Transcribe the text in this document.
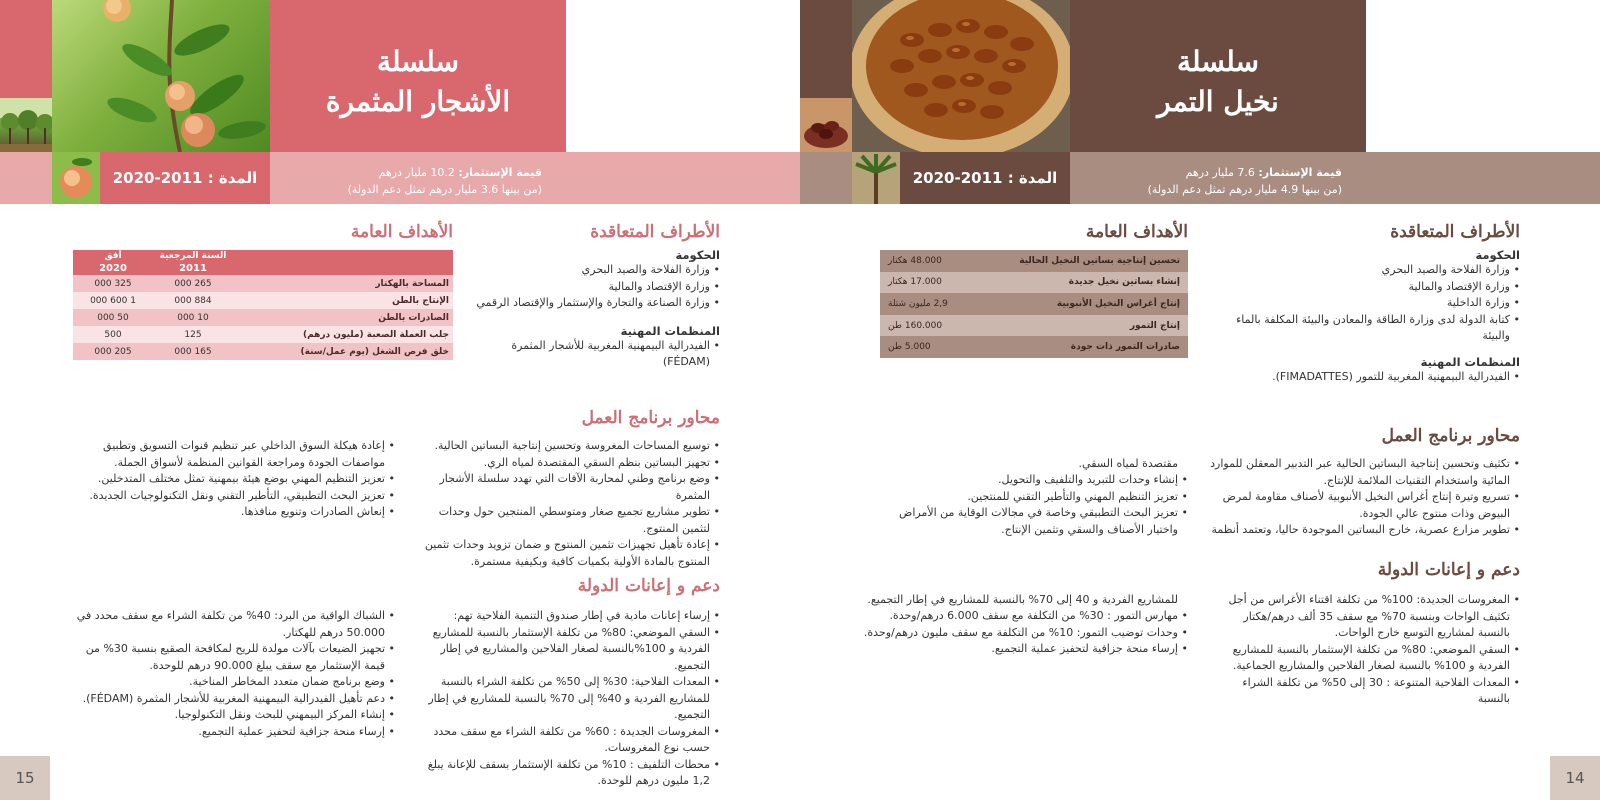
سلسلة
الأشجار المثمرة
المدة : 2011-2020	قيمة الإستثمار: 10.2 مليار درهم
(من بينها 3.6 مليار درهم تمثل دعم الدولة)
الأطراف المتعاقدة
الحكومة
• وزارة الفلاحة والصيد البحري
• وزارة الإقتصاد والمالية
• وزارة الصناعة والتجارة والإستثمار والإقتصاد الرقمي
المنظمات المهنية
• الفيدرالية البيمهنية المغربية للأشجار المثمرة (FÉDAM)
الأهداف العامة
	السنة المرجعية	أفق
	2011	2020
المساحة بالهكتار	265 000	325 000
الإنتاج بالطن	884 000	1 600 000
الصادرات بالطن	10 000	50 000
جلب العملة الصعبة (مليون درهم)	125	500
خلق فرص الشغل (يوم عمل/سنة)	165 000	205 000
محاور برنامج العمل
• توسيع المساحات المغروسة وتحسين إنتاجية البساتين الحالية.
• تجهيز البساتين بنظم السقي المقتصدة لمياه الري.
• وضع برنامج وطني لمحاربة الآفات التي تهدد سلسلة الأشجار المثمرة
• تطوير مشاريع تجميع صغار ومتوسطي المنتجين حول وحدات لتثمين المنتوج.
• إعادة تأهيل تجهيزات تثمين المنتوج و ضمان تزويد وحدات تثمين المنتوج بالمادة الأولية بكميات كافية وبكيفية مستمرة.
• إعادة هيكلة السوق الداخلي عبر تنظيم قنوات التسويق وتطبيق مواصفات الجودة ومراجعة القوانين المنظمة لأسواق الجملة.
• تعزيز التنظيم المهني بوضع هيئة بيمهنية تمثل مختلف المتدخلين.
• تعزيز البحث التطبيقي، التأطير التقني ونقل التكنولوجيات الجديدة.
• إنعاش الصادرات وتنويع منافذها.
دعم و إعانات الدولة
• إرساء إعانات مادية في إطار صندوق التنمية الفلاحية تهم:
• السقي الموضعي: 80% من تكلفة الإستثمار بالنسبة للمشاريع الفردية و 100%بالنسبة لصغار الفلاحين والمشاريع في إطار التجميع.
• المعدات الفلاحية: 30% إلى 50% من تكلفة الشراء بالنسبة للمشاريع الفردية و 40% إلى 70% بالنسبة للمشاريع في إطار التجميع.
• المغروسات الجديدة : 60% من تكلفة الشراء مع سقف محدد حسب نوع المغروسات.
• محطات التلفيف : 10% من تكلفة الإستثمار بسقف للإعانة يبلغ 1,2 مليون درهم للوحدة.
• الشباك الواقية من البرد: 40% من تكلفة الشراء مع سقف محدد في 50.000 درهم للهكتار.
• تجهيز الضيعات بآلات مولدة للريح لمكافحة الصقيع بنسبة 30% من قيمة الإستثمار مع سقف يبلغ 90.000 درهم للوحدة.
• وضع برنامج ضمان متعدد المخاطر المناخية.
• دعم تأهيل الفيدرالية البيمهنية المغربية للأشجار المثمرة (FÉDAM).
• إنشاء المركز البيمهني للبحث ونقل التكنولوجيا.
• إرساء منحة جزافية لتحفيز عملية التجميع.
15
سلسلة
نخيل التمر
المدة : 2011-2020	قيمة الإستثمار: 7.6 مليار درهم
(من بينها 4.9 مليار درهم تمثل دعم الدولة)
الأطراف المتعاقدة
الحكومة
• وزارة الفلاحة والصيد البحري
• وزارة الإقتصاد والمالية
• وزارة الداخلية
• كتابة الدولة لدى وزارة الطاقة والمعادن والبيئة المكلفة بالماء والبيئة
المنظمات المهنية
• الفيدرالية البيمهنية المغربية للتمور (FIMADATTES).
الأهداف العامة
تحسين إنتاجية بساتين النخيل الحالية	48.000 هكتار
إنشاء بساتين نخيل جديدة	17.000 هكتار
إنتاج أغراس النخيل الأنبوبية	2,9 مليون شتلة
إنتاج التمور	160.000 طن
صادرات التمور ذات جودة	5.000 طن
محاور برنامج العمل
• تكثيف وتحسين إنتاجية البساتين الحالية عبر التدبير المعقلن للموارد المائية واستخدام التقنيات الملائمة للإنتاج.
• تسريع وتيرة إنتاج أغراس النخيل الأنبوبية لأصناف مقاومة لمرض البيوض وذات منتوج عالي الجودة.
• تطوير مزارع عصرية، خارج البساتين الموجودة حاليا، وتعتمد أنظمة
مقتصدة لمياه السقي.
• إنشاء وحدات للتبريد والتلفيف والتحويل.
• تعزيز التنظيم المهني والتأطير التقني للمنتجين.
• تعزيز البحث التطبيقي وخاصة في مجالات الوقاية من الأمراض واختيار الأصناف والسقي وتثمين الإنتاج.
دعم و إعانات الدولة
• المغروسات الجديدة: 100% من تكلفة اقتناء الأغراس من أجل تكثيف الواحات وبنسبة 70% مع سقف 35 ألف درهم/هكتار بالنسبة لمشاريع التوسع خارج الواحات.
• السقي الموضعي: 80% من تكلفة الإستثمار بالنسبة للمشاريع الفردية و 100% بالنسبة لصغار الفلاحين والمشاريع الجماعية.
• المعدات الفلاحية المتنوعة : 30 إلى 50% من تكلفة الشراء بالنسبة
للمشاريع الفردية و 40 إلى 70% بالنسبة للمشاريع في إطار التجميع.
• مهارس التمور : 30% من التكلفة مع سقف 6.000 درهم/وحدة.
• وحدات توضيب التمور: 10% من التكلفة مع سقف مليون درهم/وحدة.
• إرساء منحة جزافية لتحفيز عملية التجميع.
14
